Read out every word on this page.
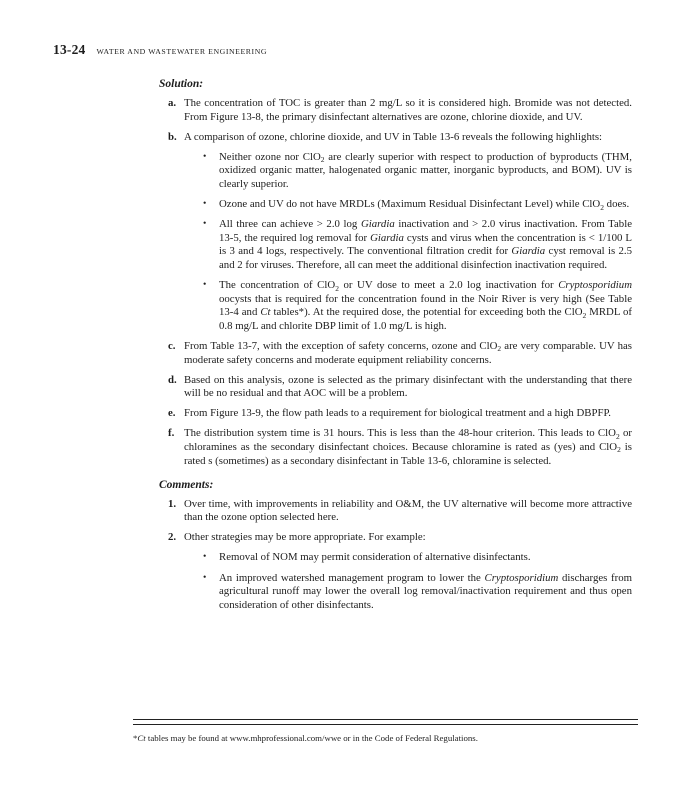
13-24 WATER AND WASTEWATER ENGINEERING

Solution:

a. The concentration of TOC is greater than 2 mg/L so it is considered high. Bromide was not detected. From Figure 13-8, the primary disinfectant alternatives are ozone, chlorine dioxide, and UV.

b. A comparison of ozone, chlorine dioxide, and UV in Table 13-6 reveals the following highlights:

•	Neither ozone nor ClO$_2$ are clearly superior with respect to production of byproducts (THM, oxidized organic matter, halogenated organic matter, inorganic byproducts, and BOM). UV is clearly superior.
•	Ozone and UV do not have MRDLs (Maximum Residual Disinfectant Level) while ClO$_2$ does.
•	All three can achieve > 2.0 log Giardia inactivation and > 2.0 virus inactivation. From Table 13-5, the required log removal for Giardia cysts and virus when the concentration is < 1/100 L is 3 and 4 logs, respectively. The conventional filtration credit for Giardia cyst removal is 2.5 and 2 for viruses. Therefore, all can meet the additional disinfection inactivation required.
•	The concentration of ClO$_2$ or UV dose to meet a 2.0 log inactivation for Cryptosporidium oocysts that is required for the concentration found in the Noir River is very high (See Table 13-4 and Ct tables*). At the required dose, the potential for exceeding both the ClO$_2$ MRDL of 0.8 mg/L and chlorite DBP limit of 1.0 mg/L is high.
c. From Table 13-7, with the exception of safety concerns, ozone and ClO$_2$ are very comparable. UV has moderate safety concerns and moderate equipment reliability concerns.

d. Based on this analysis, ozone is selected as the primary disinfectant with the understanding that there will be no residual and that AOC will be a problem.

e. From Figure 13-9, the flow path leads to a requirement for biological treatment and a high DBPFP.

f. The distribution system time is 31 hours. This is less than the 48-hour criterion. This leads to ClO$_2$ or chloramines as the secondary disinfectant choices. Because chloramine is rated as (yes) and ClO$_2$ is rated s (sometimes) as a secondary disinfectant in Table 13-6, chloramine is selected.

Comments:

1. Over time, with improvements in reliability and O&M, the UV alternative will become more attractive than the ozone option selected here.

2. Other strategies may be more appropriate. For example:

•	Removal of NOM may permit consideration of alternative disinfectants.
•	An improved watershed management program to lower the Cryptosporidium discharges from agricultural runoff may lower the overall log removal/inactivation requirement and thus open consideration of other disinfectants.

*Ct tables may be found at www.mhprofessional.com/wwe or in the Code of Federal Regulations.
